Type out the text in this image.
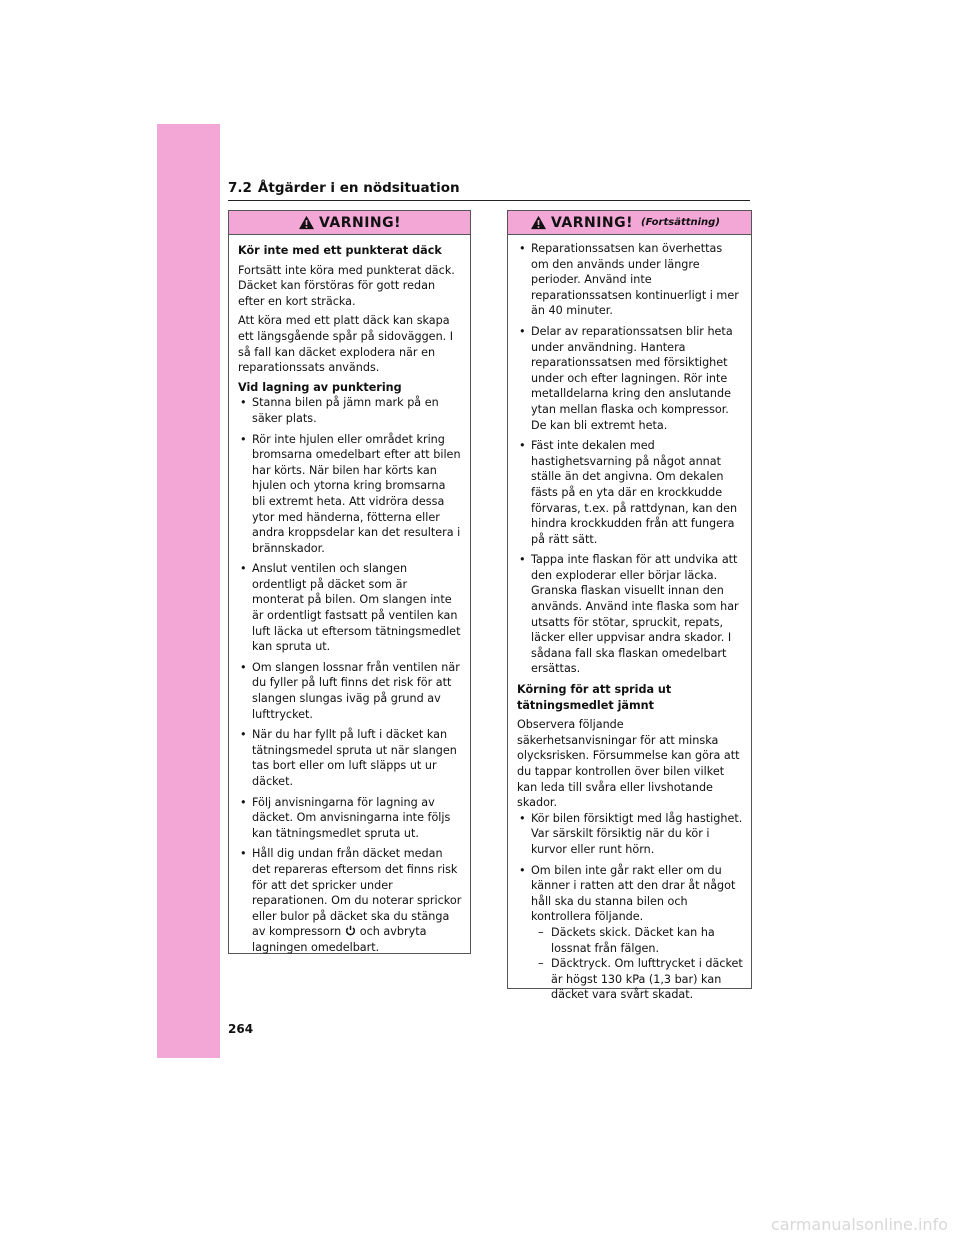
7.2 Åtgärder i en nödsituation
VARNING!
Kör inte med ett punkterat däck
Fortsätt inte köra med punkterat däck. Däcket kan förstöras för gott redan efter en kort sträcka.
Att köra med ett platt däck kan skapa ett längsgående spår på sidoväggen. I så fall kan däcket explodera när en reparationssats används.
Vid lagning av punktering
• Stanna bilen på jämn mark på en säker plats.
• Rör inte hjulen eller området kring bromsarna omedelbart efter att bilen har körts. När bilen har körts kan hjulen och ytorna kring bromsarna bli extremt heta. Att vidröra dessa ytor med händerna, fötterna eller andra kroppsdelar kan det resultera i brännskador.
• Anslut ventilen och slangen ordentligt på däcket som är monterat på bilen. Om slangen inte är ordentligt fastsatt på ventilen kan luft läcka ut eftersom tätningsmedlet kan spruta ut.
• Om slangen lossnar från ventilen när du fyller på luft finns det risk för att slangen slungas iväg på grund av lufttrycket.
• När du har fyllt på luft i däcket kan tätningsmedel spruta ut när slangen tas bort eller om luft släpps ut ur däcket.
• Följ anvisningarna för lagning av däcket. Om anvisningarna inte följs kan tätningsmedlet spruta ut.
• Håll dig undan från däcket medan det repareras eftersom det finns risk för att det spricker under reparationen. Om du noterar sprickor eller bulor på däcket ska du stänga av kompressorn och avbryta lagningen omedelbart.
VARNING! (Fortsättning)
• Reparationssatsen kan överhettas om den används under längre perioder. Använd inte reparationssatsen kontinuerligt i mer än 40 minuter.
• Delar av reparationssatsen blir heta under användning. Hantera reparationssatsen med försiktighet under och efter lagningen. Rör inte metalldelarna kring den anslutande ytan mellan flaska och kompressor. De kan bli extremt heta.
• Fäst inte dekalen med hastighetsvarning på något annat ställe än det angivna. Om dekalen fästs på en yta där en krockkudde förvaras, t.ex. på rattdynan, kan den hindra krockkudden från att fungera på rätt sätt.
• Tappa inte flaskan för att undvika att den exploderar eller börjar läcka. Granska flaskan visuellt innan den används. Använd inte flaska som har utsatts för stötar, spruckit, repats, läcker eller uppvisar andra skador. I sådana fall ska flaskan omedelbart ersättas.
Körning för att sprida ut tätningsmedlet jämnt
Observera följande säkerhetsanvisningar för att minska olycksrisken. Försummelse kan göra att du tappar kontrollen över bilen vilket kan leda till svåra eller livshotande skador.
• Kör bilen försiktigt med låg hastighet. Var särskilt försiktig när du kör i kurvor eller runt hörn.
• Om bilen inte går rakt eller om du känner i ratten att den drar åt något håll ska du stanna bilen och kontrollera följande.
– Däckets skick. Däcket kan ha lossnat från fälgen.
– Däcktryck. Om lufttrycket i däcket är högst 130 kPa (1,3 bar) kan däcket vara svårt skadat.
264
carmanualsonline.info
